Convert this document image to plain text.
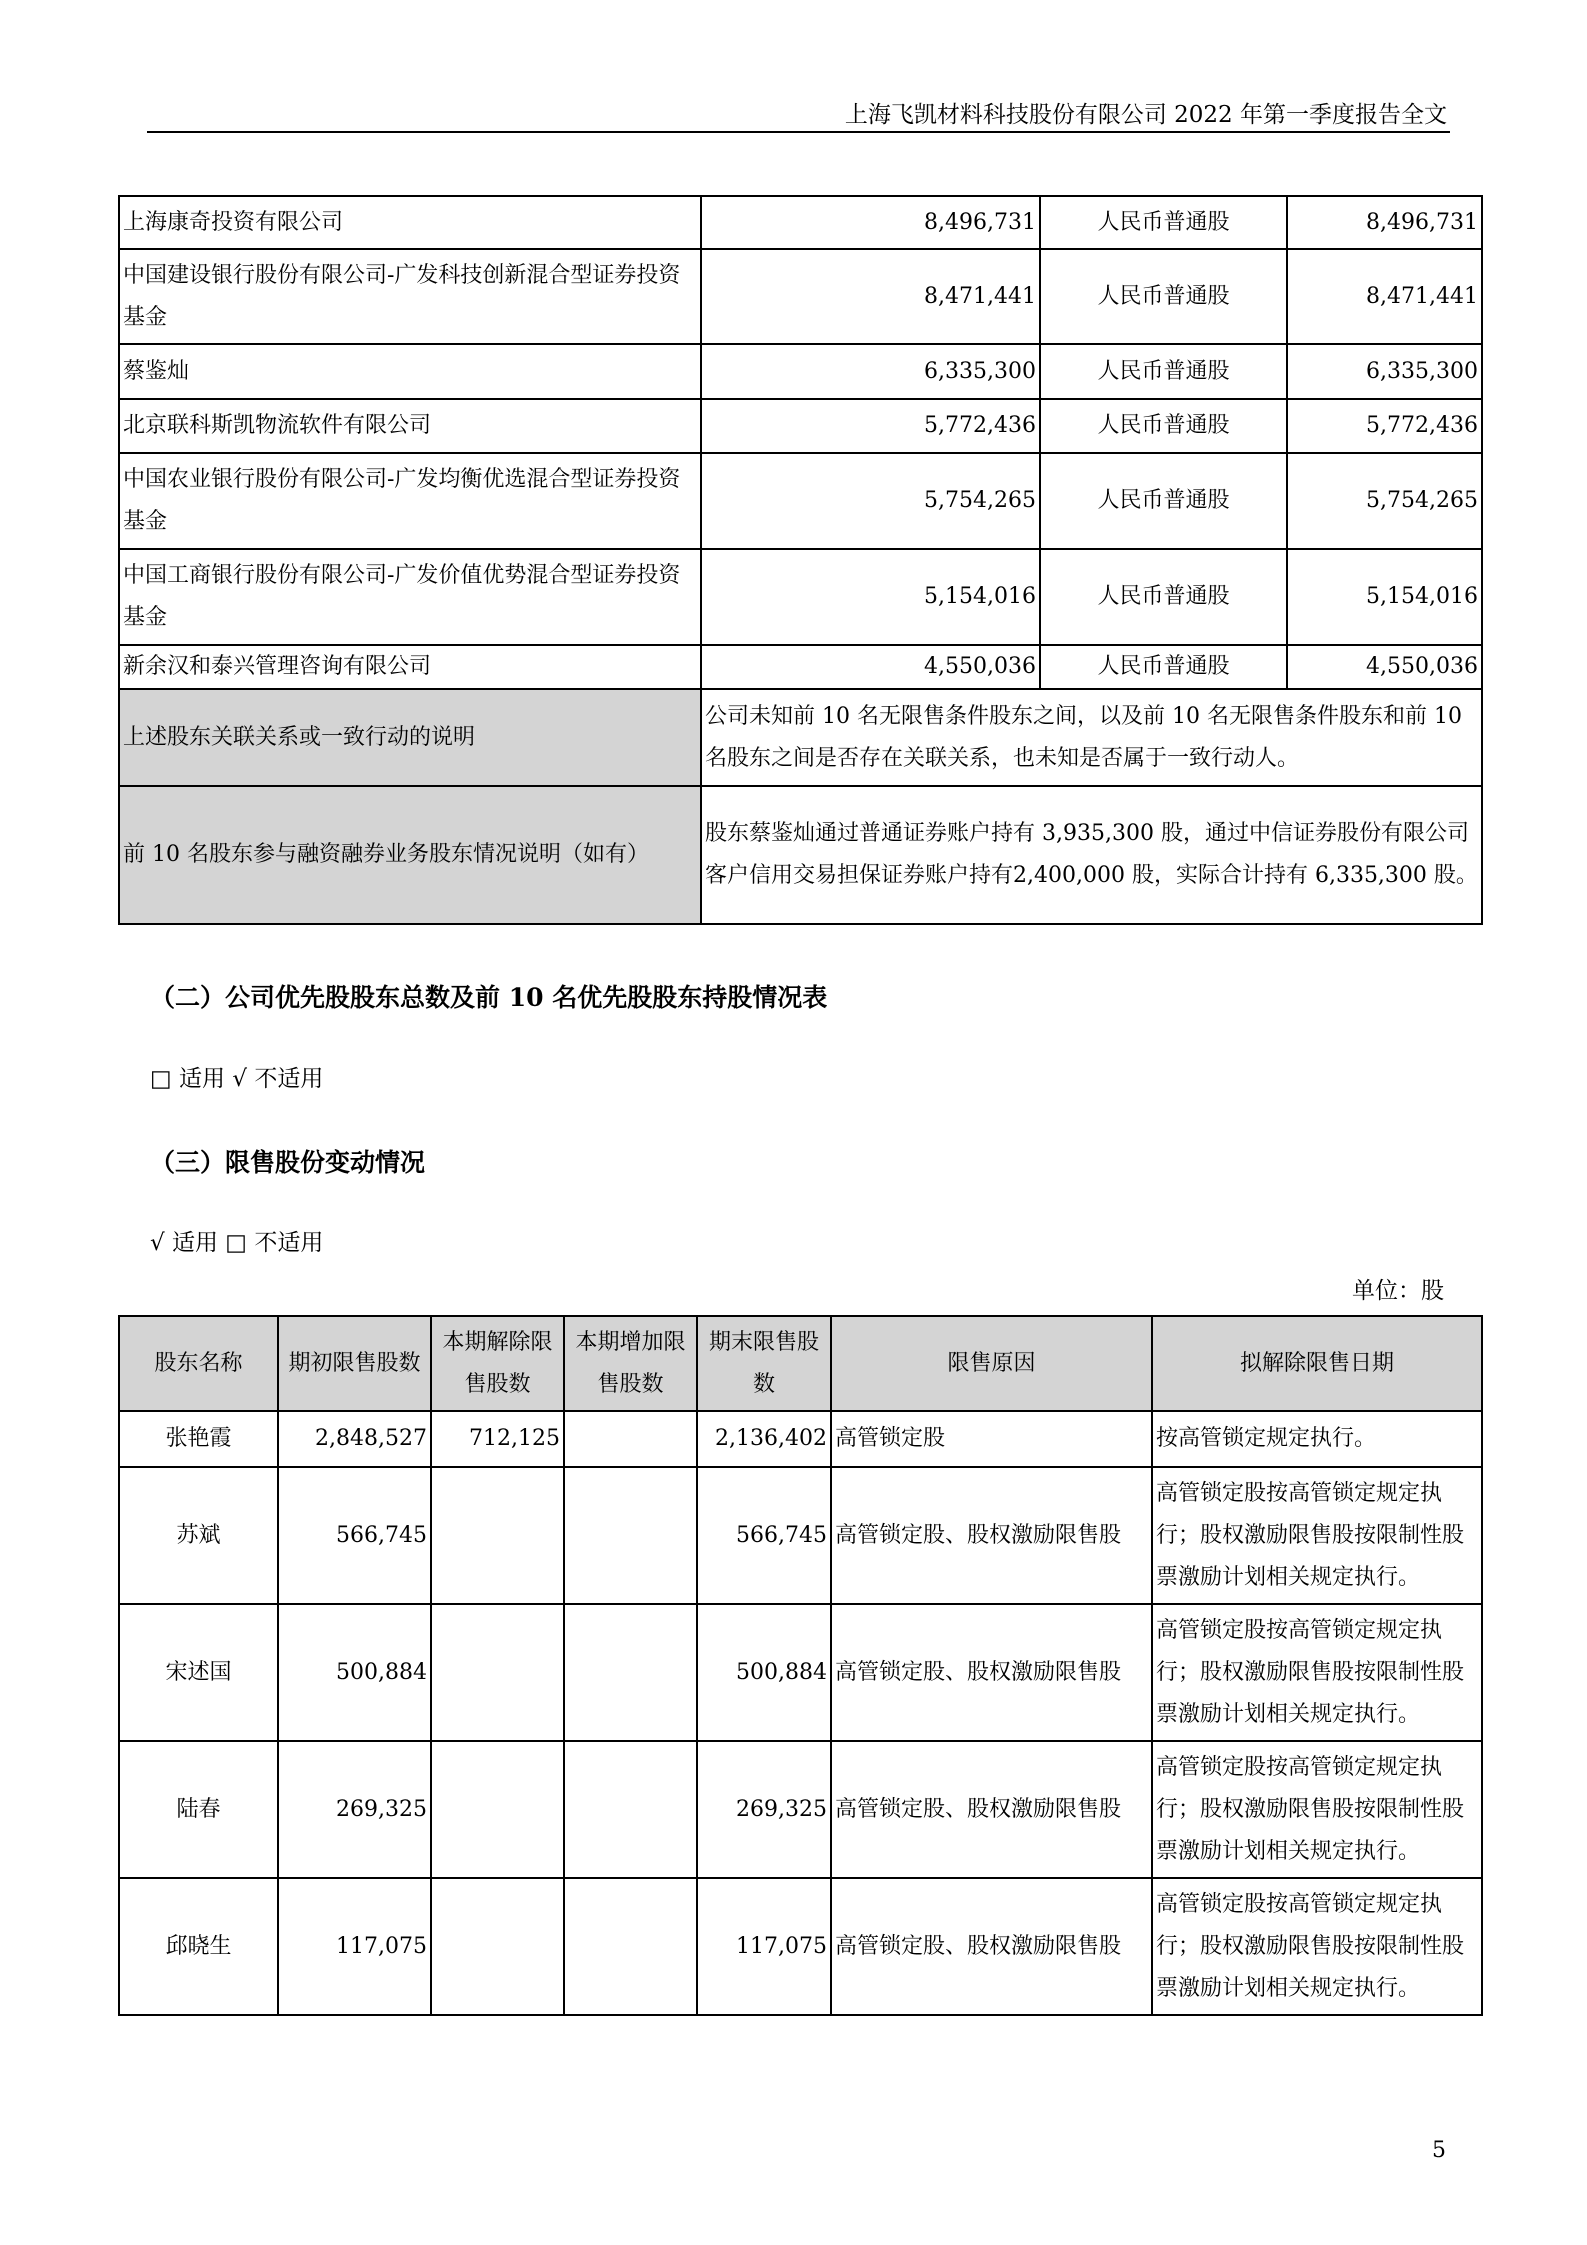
上海飞凯材料科技股份有限公司 2022 年第一季度报告全文
上海康奇投资有限公司	8,496,731	人民币普通股	8,496,731
中国建设银行股份有限公司-广发科技创新混合型证券投资基金	8,471,441	人民币普通股	8,471,441
蔡鉴灿	6,335,300	人民币普通股	6,335,300
北京联科斯凯物流软件有限公司	5,772,436	人民币普通股	5,772,436
中国农业银行股份有限公司-广发均衡优选混合型证券投资基金	5,754,265	人民币普通股	5,754,265
中国工商银行股份有限公司-广发价值优势混合型证券投资基金	5,154,016	人民币普通股	5,154,016
新余汉和泰兴管理咨询有限公司	4,550,036	人民币普通股	4,550,036
上述股东关联关系或一致行动的说明	公司未知前 10 名无限售条件股东之间，以及前 10 名无限售条件股东和前 10 名股东之间是否存在关联关系，也未知是否属于一致行动人。		
前 10 名股东参与融资融券业务股东情况说明（如有）	股东蔡鉴灿通过普通证券账户持有 3,935,300 股，通过中信证券股份有限公司客户信用交易担保证券账户持有2,400,000 股，实际合计持有 6,335,300 股。		
（二）公司优先股股东总数及前 10 名优先股股东持股情况表
□ 适用 √ 不适用
（三）限售股份变动情况
√ 适用 □ 不适用
单位：股
股东名称	期初限售股数	本期解除限售股数	本期增加限售股数	期末限售股数	限售原因	拟解除限售日期
张艳霞	2,848,527	712,125		2,136,402	高管锁定股	按高管锁定规定执行。
苏斌	566,745			566,745	高管锁定股、股权激励限售股	高管锁定股按高管锁定规定执行；股权激励限售股按限制性股票激励计划相关规定执行。
宋述国	500,884			500,884	高管锁定股、股权激励限售股	高管锁定股按高管锁定规定执行；股权激励限售股按限制性股票激励计划相关规定执行。
陆春	269,325			269,325	高管锁定股、股权激励限售股	高管锁定股按高管锁定规定执行；股权激励限售股按限制性股票激励计划相关规定执行。
邱晓生	117,075			117,075	高管锁定股、股权激励限售股	高管锁定股按高管锁定规定执行；股权激励限售股按限制性股票激励计划相关规定执行。
5
